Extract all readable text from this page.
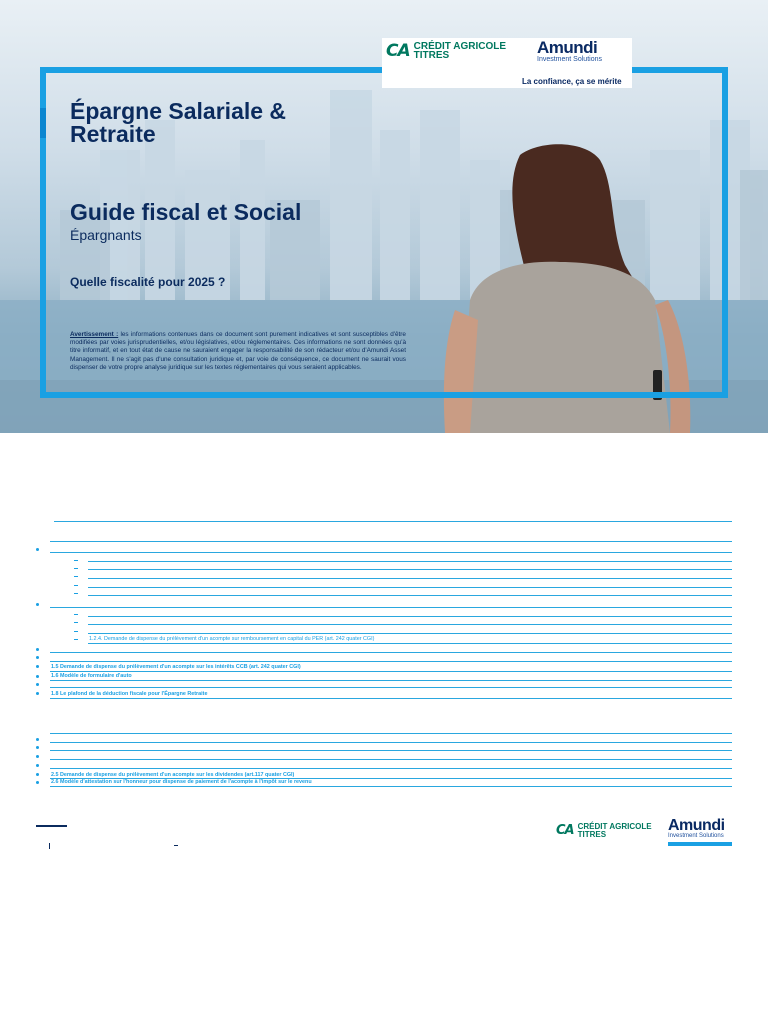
CA CRÉDIT AGRICOLE
TITRES	Amundi
Investment Solutions
La confiance, ça se mérite
Épargne Salariale &
Retraite
Guide fiscal et Social
Épargnants
Quelle fiscalité pour 2025 ?
Avertissement : les informations contenues dans ce document sont purement indicatives et sont susceptibles d'être modifiées par voies jurisprudentielles, et/ou législatives, et/ou réglementaires. Ces informations ne sont données qu'à titre informatif, et en tout état de cause ne sauraient engager la responsabilité de son rédacteur et/ou d'Amundi Asset Management. Il ne s'agit pas d'une consultation juridique et, par voie de conséquence, ce document ne saurait vous dispenser de votre propre analyse juridique sur les textes réglementaires qui vous seraient applicables.
1.2.4. Demande de dispense du prélèvement d'un acompte sur remboursement en capital du PER (art. 242 quater CGI)
1.5 Demande de dispense du prélèvement d'un acompte sur les intérêts CCB (art. 242 quater CGI)
1.6 Modèle de formulaire d'auto
1.8 Le plafond de la déduction fiscale pour l'Épargne Retraite
2.5 Demande de dispense du prélèvement d'un acompte sur les dividendes (art.117 quater CGI)
2.6 Modèle d'attestation sur l'honneur pour dispense de paiement de l'acompte à l'impôt sur le revenu
CA CRÉDIT AGRICOLE
TITRES
Amundi
Investment Solutions
